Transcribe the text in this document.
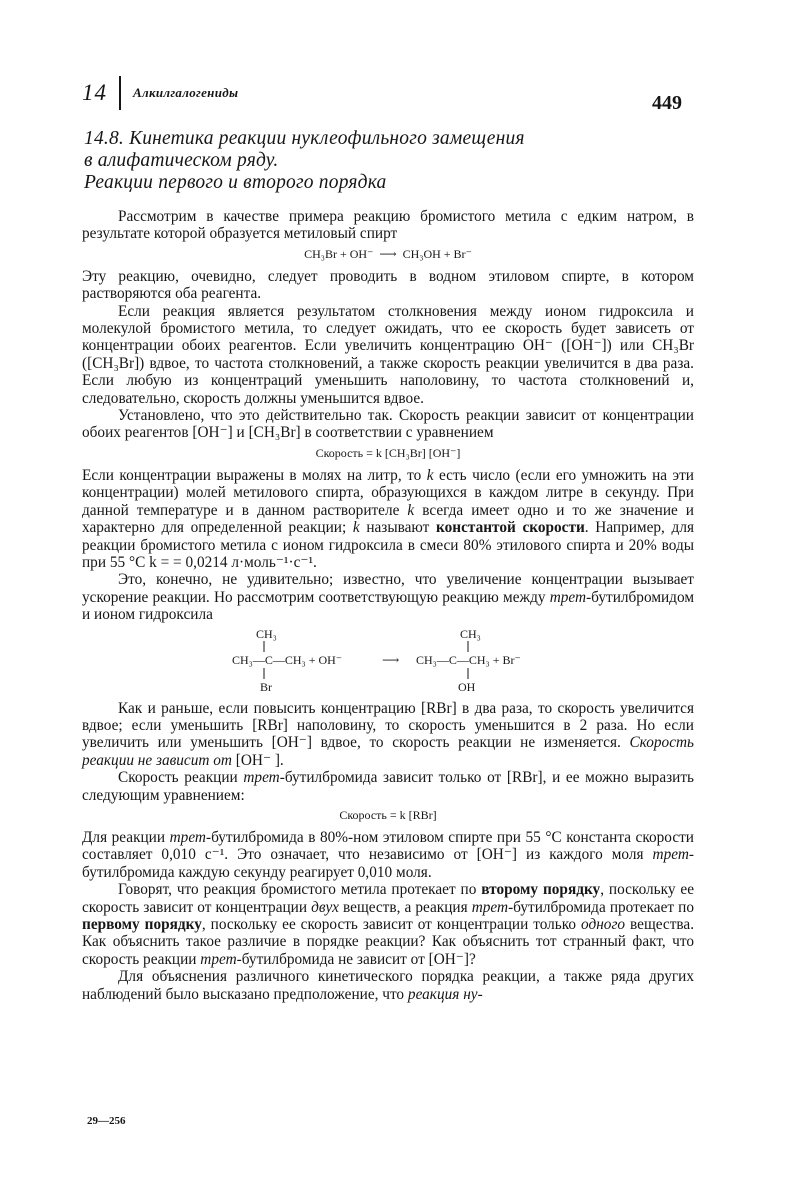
14 Алкилгалогениды	449
14.8. Кинетика реакции нуклеофильного замещения
в алифатическом ряду.
Реакции первого и второго порядка

Рассмотрим в качестве примера реакцию бромистого метила с едким натром, в результате которой образуется метиловый спирт

CH₃Br + OH⁻ ⟶ CH₃OH + Br⁻

Эту реакцию, очевидно, следует проводить в водном этиловом спирте, в котором растворяются оба реагента.

Если реакция является результатом столкновения между ионом гидроксила и молекулой бромистого метила, то следует ожидать, что ее скорость будет зависеть от концентрации обоих реагентов. Если увеличить концентрацию OH⁻ ([OH⁻]) или CH₃Br ([CH₃Br]) вдвое, то частота столкновений, а также скорость реакции увеличится в два раза. Если любую из концентраций уменьшить наполовину, то частота столкновений и, следовательно, скорость должны уменьшится вдвое.

Установлено, что это действительно так. Скорость реакции зависит от концентрации обоих реагентов [OH⁻] и [CH₃Br] в соответствии с уравнением

Скорость = k [CH₃Br] [OH⁻]

Если концентрации выражены в молях на литр, то k есть число (если его умножить на эти концентрации) молей метилового спирта, образующихся в каждом литре в секунду. При данной температуре и в данном растворителе k всегда имеет одно и то же значение и характерно для определенной реакции; k называют константой скорости. Например, для реакции бромистого метила с ионом гидроксила в смеси 80% этилового спирта и 20% воды при 55 °С k = = 0,0214 л·моль⁻¹·с⁻¹.

Это, конечно, не удивительно; известно, что увеличение концентрации вызывает ускорение реакции. Но рассмотрим соответствующую реакцию между трет-бутилбромидом и ионом гидроксила

CH₃
CH₃—C—CH₃ + OH⁻
Br
⟶
CH₃
CH₃—C—CH₃ + Br⁻
OH

Как и раньше, если повысить концентрацию [RBr] в два раза, то скорость увеличится вдвое; если уменьшить [RBr] наполовину, то скорость уменьшится в 2 раза. Но если увеличить или уменьшить [OH⁻] вдвое, то скорость реакции не изменяется. Скорость реакции не зависит от [OH⁻ ].

Скорость реакции трет-бутилбромида зависит только от [RBr], и ее можно выразить следующим уравнением:

Скорость = k [RBr]

Для реакции трет-бутилбромида в 80%-ном этиловом спирте при 55 °С константа скорости составляет 0,010 с⁻¹. Это означает, что независимо от [OH⁻] из каждого моля трет-бутилбромида каждую секунду реагирует 0,010 моля.

Говорят, что реакция бромистого метила протекает по второму порядку, поскольку ее скорость зависит от концентрации двух веществ, а реакция трет-бутилбромида протекает по первому порядку, поскольку ее скорость зависит от концентрации только одного вещества. Как объяснить такое различие в порядке реакции? Как объяснить тот странный факт, что скорость реакции трет-бутилбромида не зависит от [OH⁻]?

Для объяснения различного кинетического порядка реакции, а также ряда других наблюдений было высказано предположение, что реакция ну-

29—256
